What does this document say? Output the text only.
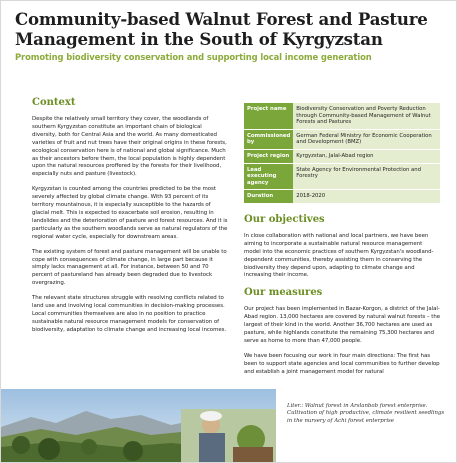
Community-based Walnut Forest and Pasture Management in the South of Kyrgyzstan
Promoting biodiversity conservation and supporting local income generation
Context

Despite the relatively small territory they cover, the woodlands of southern Kyrgyzstan constitute an important chain of biological diversity, both for Central Asia and the world. As many domesticated varieties of fruit and nut trees have their original origins in these forests, ecological conservation here is of national and global significance. Much as their ancestors before them, the local population is highly dependent upon the natural resources proffered by the forests for their livelihood, especially nuts and pasture (livestock).

Kyrgyzstan is counted among the countries predicted to be the most severely affected by global climate change. With 93 percent of its territory mountainous, it is especially susceptible to the hazards of glacial melt. This is expected to exacerbate soil erosion, resulting in landslides and the deterioration of pasture and forest resources. And it is particularly as the southern woodlands serve as natural regulators of the regional water cycle, especially for downstream areas.

The existing system of forest and pasture management will be unable to cope with consequences of climate change, in large part because it simply lacks management at all. For instance, between 50 and 70 percent of pastureland has already been degraded due to livestock overgrazing.

The relevant state structures struggle with resolving conflicts related to land use and involving local communities in decision-making processes. Local communities themselves are also in no position to practice sustainable natural resource management models for conservation of biodiversity, adaptation to climate change and increasing local incomes.

Project name	Biodiversity Conservation and Poverty Reduction through Community-based Management of Walnut Forests and Pastures
Commissioned by	German Federal Ministry for Economic Cooperation and Development (BMZ)
Project region	Kyrgyzstan, Jalal-Abad region
Lead executing agency	State Agency for Environmental Protection and Forestry
Duration	2018-2020
Our objectives

In close collaboration with national and local partners, we have been aiming to incorporate a sustainable natural resource management model into the economic practices of southern Kyrgyzstan's woodland-dependent communities, thereby assisting them in conserving the biodiversity they depend upon, adapting to climate change and increasing their income.

Our measures

Our project has been implemented in Bazar-Korgon, a district of the Jalal-Abad region. 13,000 hectares are covered by natural walnut forests – the largest of their kind in the world. Another 36,700 hectares are used as pasture, while highlands constitute the remaining 75,300 hectares and serve as home to more than 47,000 people.

We have been focusing our work in four main directions: The first has been to support state agencies and local communities to further develop and establish a joint management model for natural

Liter.: Walnut forest in Arslanbob forest enterprise. Cultivation of high productive, climate resilient seedlings in the nursery of Achi forest enterprise
